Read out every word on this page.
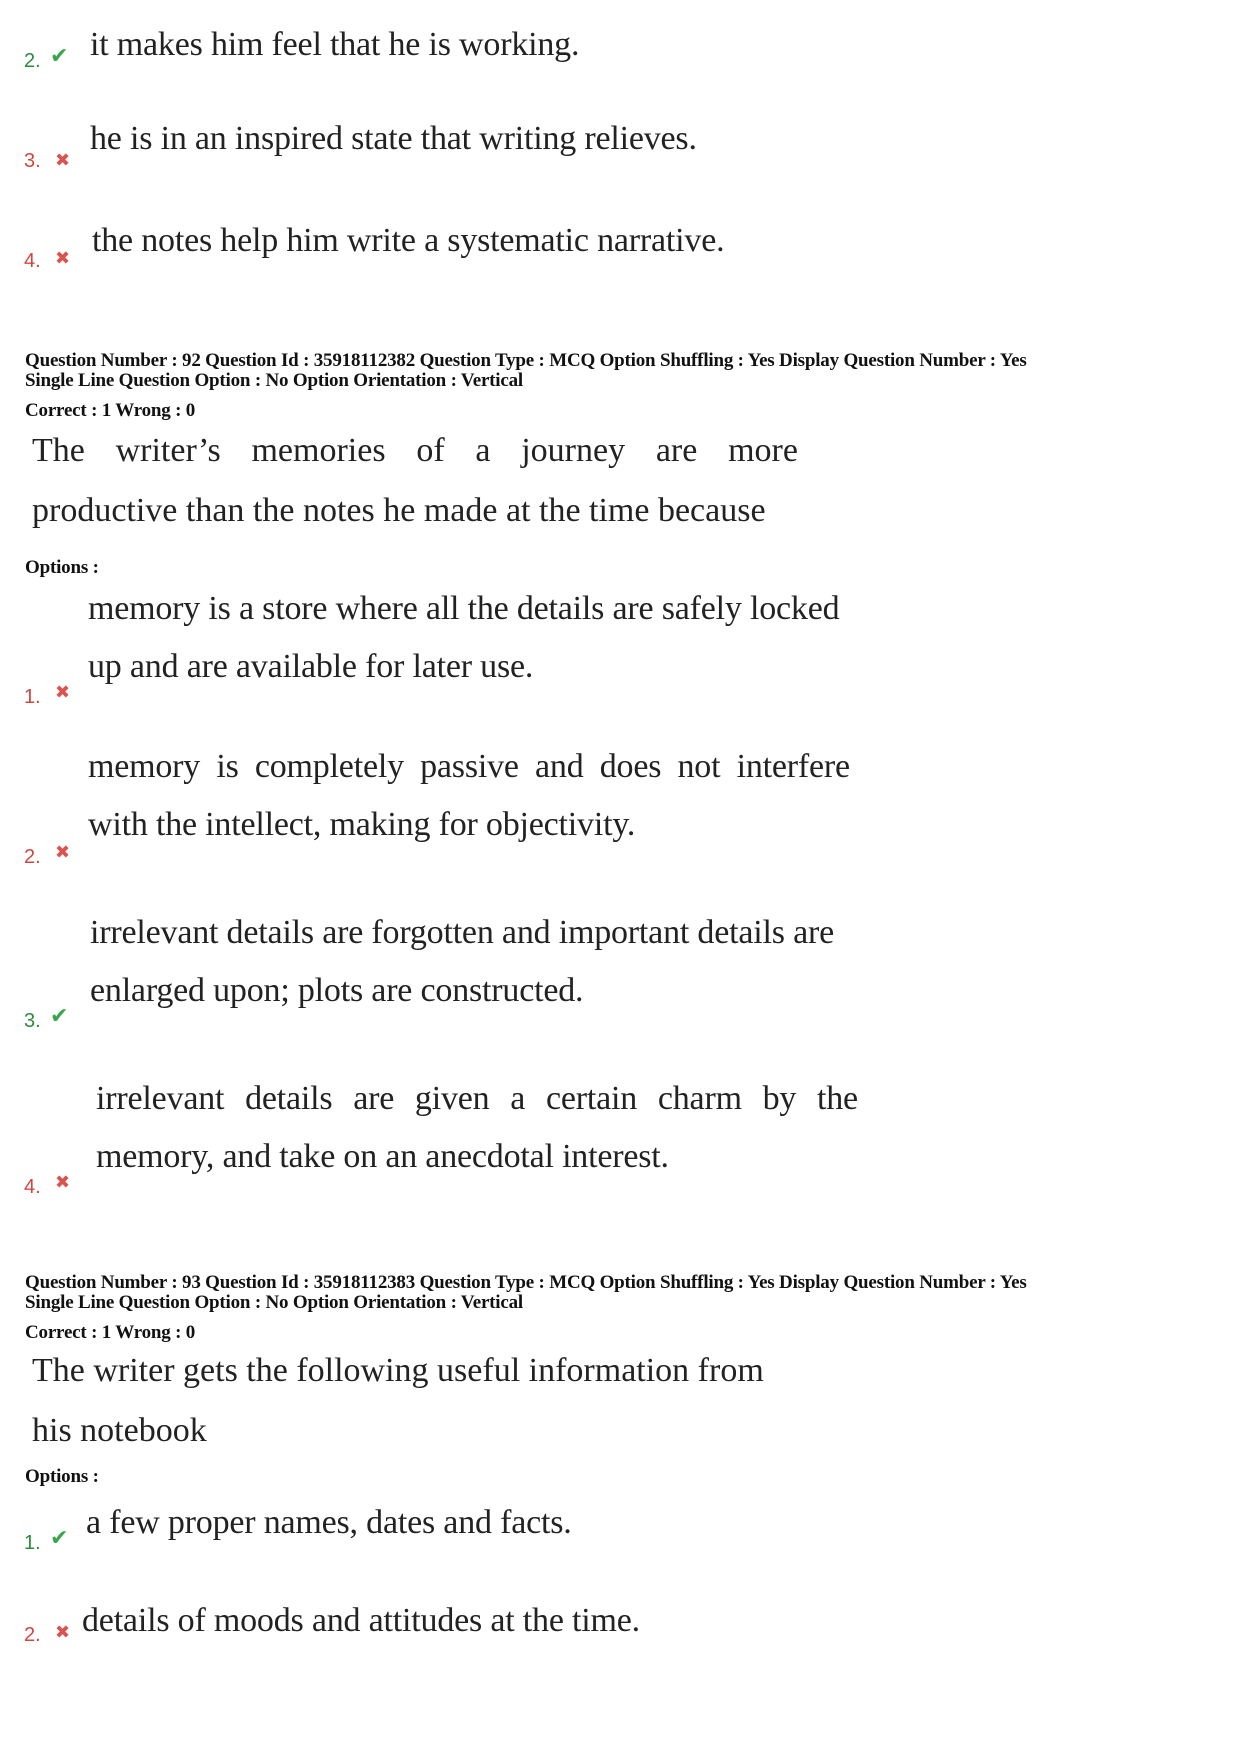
2. ✔ it makes him feel that he is working.
3. ✖
he is in an inspired state that writing relieves.
4. ✖ the notes help him write a systematic narrative.
Question Number : 92 Question Id : 35918112382 Question Type : MCQ Option Shuffling : Yes Display Question Number : Yes
Single Line Question Option : No Option Orientation : Vertical
Correct : 1 Wrong : 0
The writer’s memories of a journey are more
productive than the notes he made at the time because
Options :
memory is a store where all the details are safely locked
up and are available for later use.
1. ✖
memory is completely passive and does not interfere
with the intellect, making for objectivity.
2. ✖
irrelevant details are forgotten and important details are
enlarged upon; plots are constructed.
3. ✔
irrelevant details are given a certain charm by the
memory, and take on an anecdotal interest.
4. ✖
Question Number : 93 Question Id : 35918112383 Question Type : MCQ Option Shuffling : Yes Display Question Number : Yes
Single Line Question Option : No Option Orientation : Vertical
Correct : 1 Wrong : 0
The writer gets the following useful information from
his notebook
Options :
1. ✔ a few proper names, dates and facts.
2. ✖ details of moods and attitudes at the time.
